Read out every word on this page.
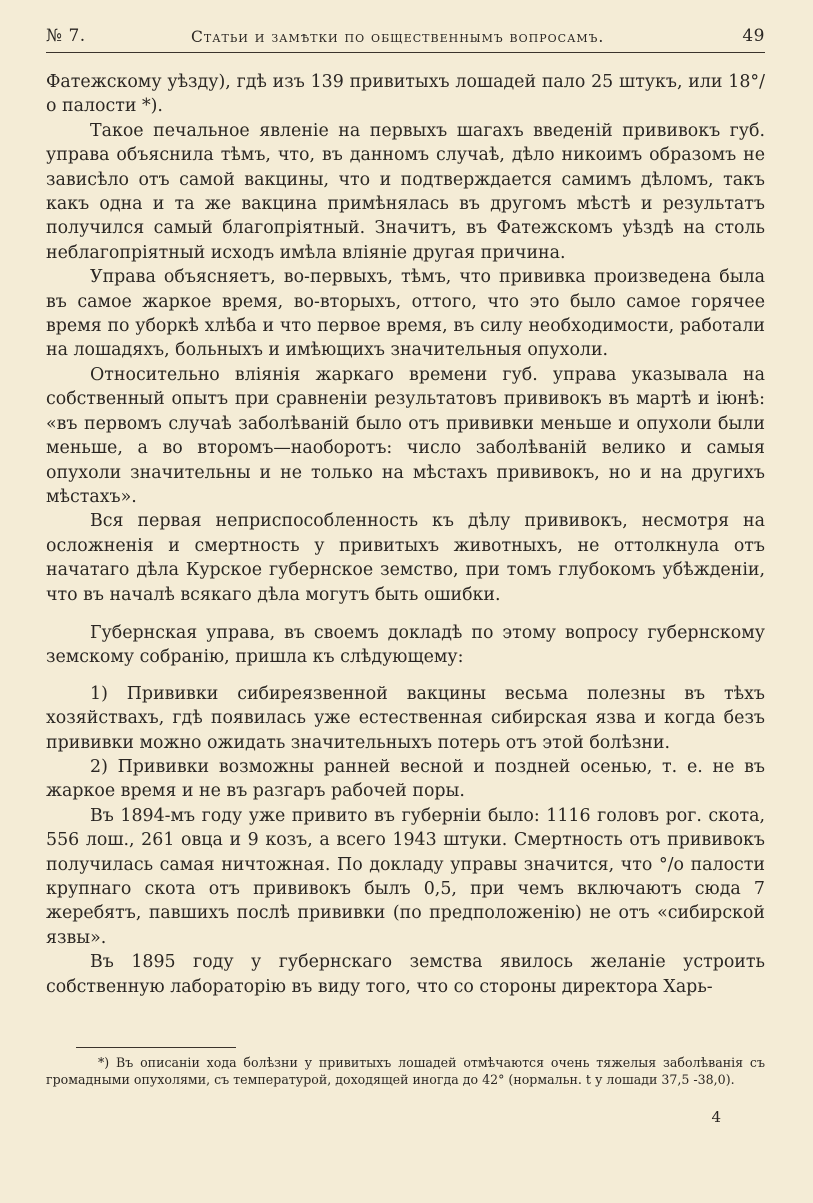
№ 7.	Статьи и замѣтки по общественнымъ вопросамъ.	49

Фатежскому уѣзду), гдѣ изъ 139 привитыхъ лошадей пало 25 штукъ, или 18°/о палости *).

Такое печальное явленіе на первыхъ шагахъ введеній прививокъ губ. управа объяснила тѣмъ, что, въ данномъ случаѣ, дѣло никоимъ образомъ не зависѣло отъ самой вакцины, что и подтверждается самимъ дѣломъ, такъ какъ одна и та же вакцина примѣнялась въ другомъ мѣстѣ и результатъ получился самый благопріятный. Значитъ, въ Фатежскомъ уѣздѣ на столь неблагопріятный исходъ имѣла вліяніе другая причина.

Управа объясняетъ, во-первыхъ, тѣмъ, что прививка произведена была въ самое жаркое время, во-вторыхъ, оттого, что это было самое горячее время по уборкѣ хлѣба и что первое время, въ силу необходимости, работали на лошадяхъ, больныхъ и имѣющихъ значительныя опухоли.

Относительно вліянія жаркаго времени губ. управа указывала на собственный опытъ при сравненіи результатовъ прививокъ въ мартѣ и іюнѣ: «въ первомъ случаѣ заболѣваній было отъ прививки меньше и опухоли были меньше, а во второмъ—наоборотъ: число заболѣваній велико и самыя опухоли значительны и не только на мѣстахъ прививокъ, но и на другихъ мѣстахъ».

Вся первая неприспособленность къ дѣлу прививокъ, несмотря на осложненія и смертность у привитыхъ животныхъ, не оттолкнула отъ начатаго дѣла Курское губернское земство, при томъ глубокомъ убѣжденіи, что въ началѣ всякаго дѣла могутъ быть ошибки.

Губернская управа, въ своемъ докладѣ по этому вопросу губернскому земскому собранію, пришла къ слѣдующему:

1) Прививки сибиреязвенной вакцины весьма полезны въ тѣхъ хозяйствахъ, гдѣ появилась уже естественная сибирская язва и когда безъ прививки можно ожидать значительныхъ потерь отъ этой болѣзни.

2) Прививки возможны ранней весной и поздней осенью, т. е. не въ жаркое время и не въ разгаръ рабочей поры.

Въ 1894-мъ году уже привито въ губерніи было: 1116 головъ рог. скота, 556 лош., 261 овца и 9 козъ, а всего 1943 штуки. Смертность отъ прививокъ получилась самая ничтожная. По докладу управы значится, что °/о палости крупнаго скота отъ прививокъ былъ 0,5, при чемъ включаютъ сюда 7 жеребятъ, павшихъ послѣ прививки (по предположенію) не отъ «сибирской язвы».

Въ 1895 году у губернскаго земства явилось желаніе устроить собственную лабораторію въ виду того, что со стороны директора Харь-

*) Въ описаніи хода болѣзни у привитыхъ лошадей отмѣчаются очень тяжелыя заболѣванія съ громадными опухолями, съ температурой, доходящей иногда до 42° (нормальн. t у лошади 37,5 -38,0).

4
